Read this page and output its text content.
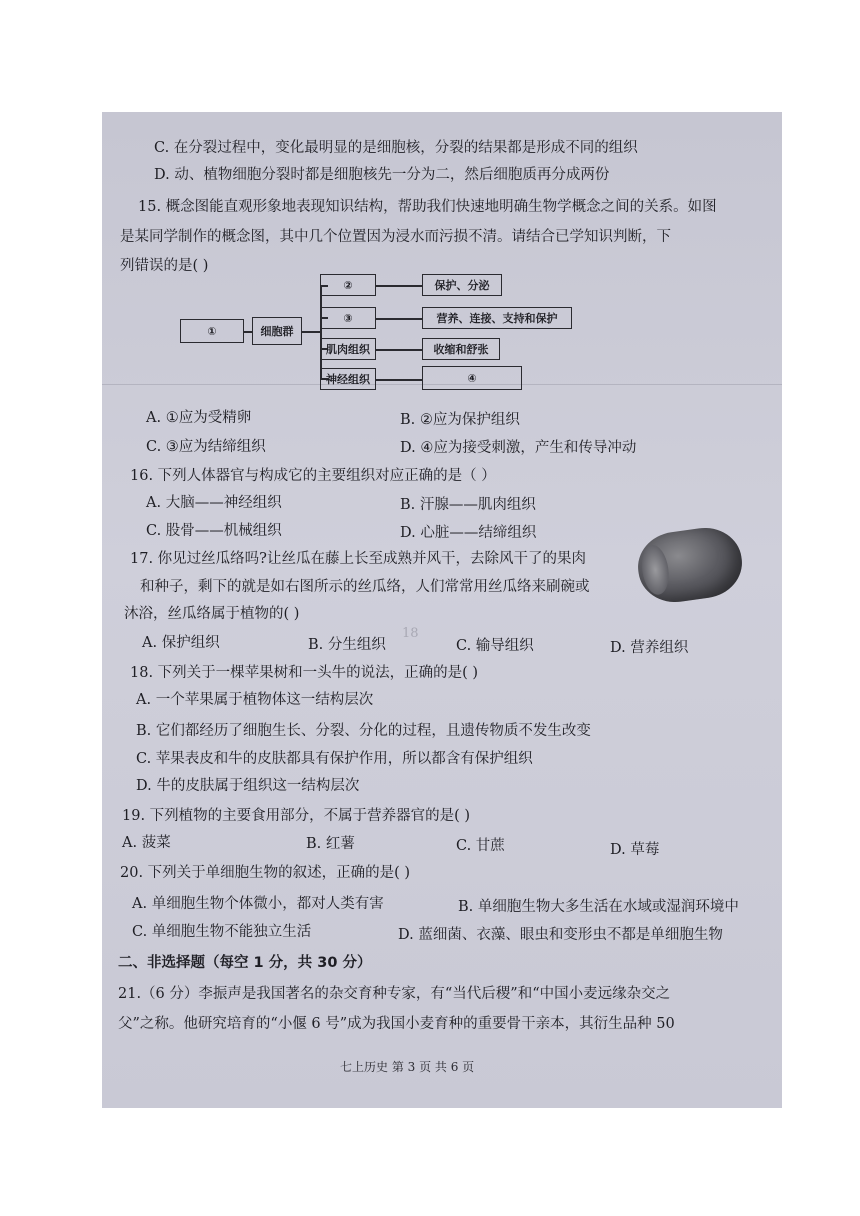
C. 在分裂过程中，变化最明显的是细胞核，分裂的结果都是形成不同的组织
D. 动、植物细胞分裂时都是细胞核先一分为二，然后细胞质再分成两份
15. 概念图能直观形象地表现知识结构，帮助我们快速地明确生物学概念之间的关系。如图
是某同学制作的概念图，其中几个位置因为浸水而污损不清。请结合已学知识判断，下
列错误的是( )
①	细胞群
②
③
肌肉组织
神经组织
保护、分泌
营养、连接、支持和保护
收缩和舒张
④
A. ①应为受精卵	B. ②应为保护组织
C. ③应为结缔组织	D. ④应为接受刺激，产生和传导冲动
16. 下列人体器官与构成它的主要组织对应正确的是（ ）
A. 大脑——神经组织	B. 汗腺——肌肉组织
C. 股骨——机械组织	D. 心脏——结缔组织
17. 你见过丝瓜络吗?让丝瓜在藤上长至成熟并风干，去除风干了的果肉
和种子，剩下的就是如右图所示的丝瓜络，人们常常用丝瓜络来刷碗或
沐浴，丝瓜络属于植物的( )
18
A. 保护组织	B. 分生组织	C. 输导组织	D. 营养组织
18. 下列关于一棵苹果树和一头牛的说法，正确的是( )
A. 一个苹果属于植物体这一结构层次
B. 它们都经历了细胞生长、分裂、分化的过程，且遗传物质不发生改变
C. 苹果表皮和牛的皮肤都具有保护作用，所以都含有保护组织
D. 牛的皮肤属于组织这一结构层次
19. 下列植物的主要食用部分，不属于营养器官的是( )
A. 菠菜	B. 红薯	C. 甘蔗	D. 草莓
20. 下列关于单细胞生物的叙述，正确的是( )
A. 单细胞生物个体微小，都对人类有害	B. 单细胞生物大多生活在水域或湿润环境中
C. 单细胞生物不能独立生活	D. 蓝细菌、衣藻、眼虫和变形虫不都是单细胞生物
二、非选择题（每空 1 分，共 30 分）
21.（6 分）李振声是我国著名的杂交育种专家，有“当代后稷”和“中国小麦远缘杂交之
父”之称。他研究培育的“小偃 6 号”成为我国小麦育种的重要骨干亲本，其衍生品种 50
七上历史 第 3 页 共 6 页
